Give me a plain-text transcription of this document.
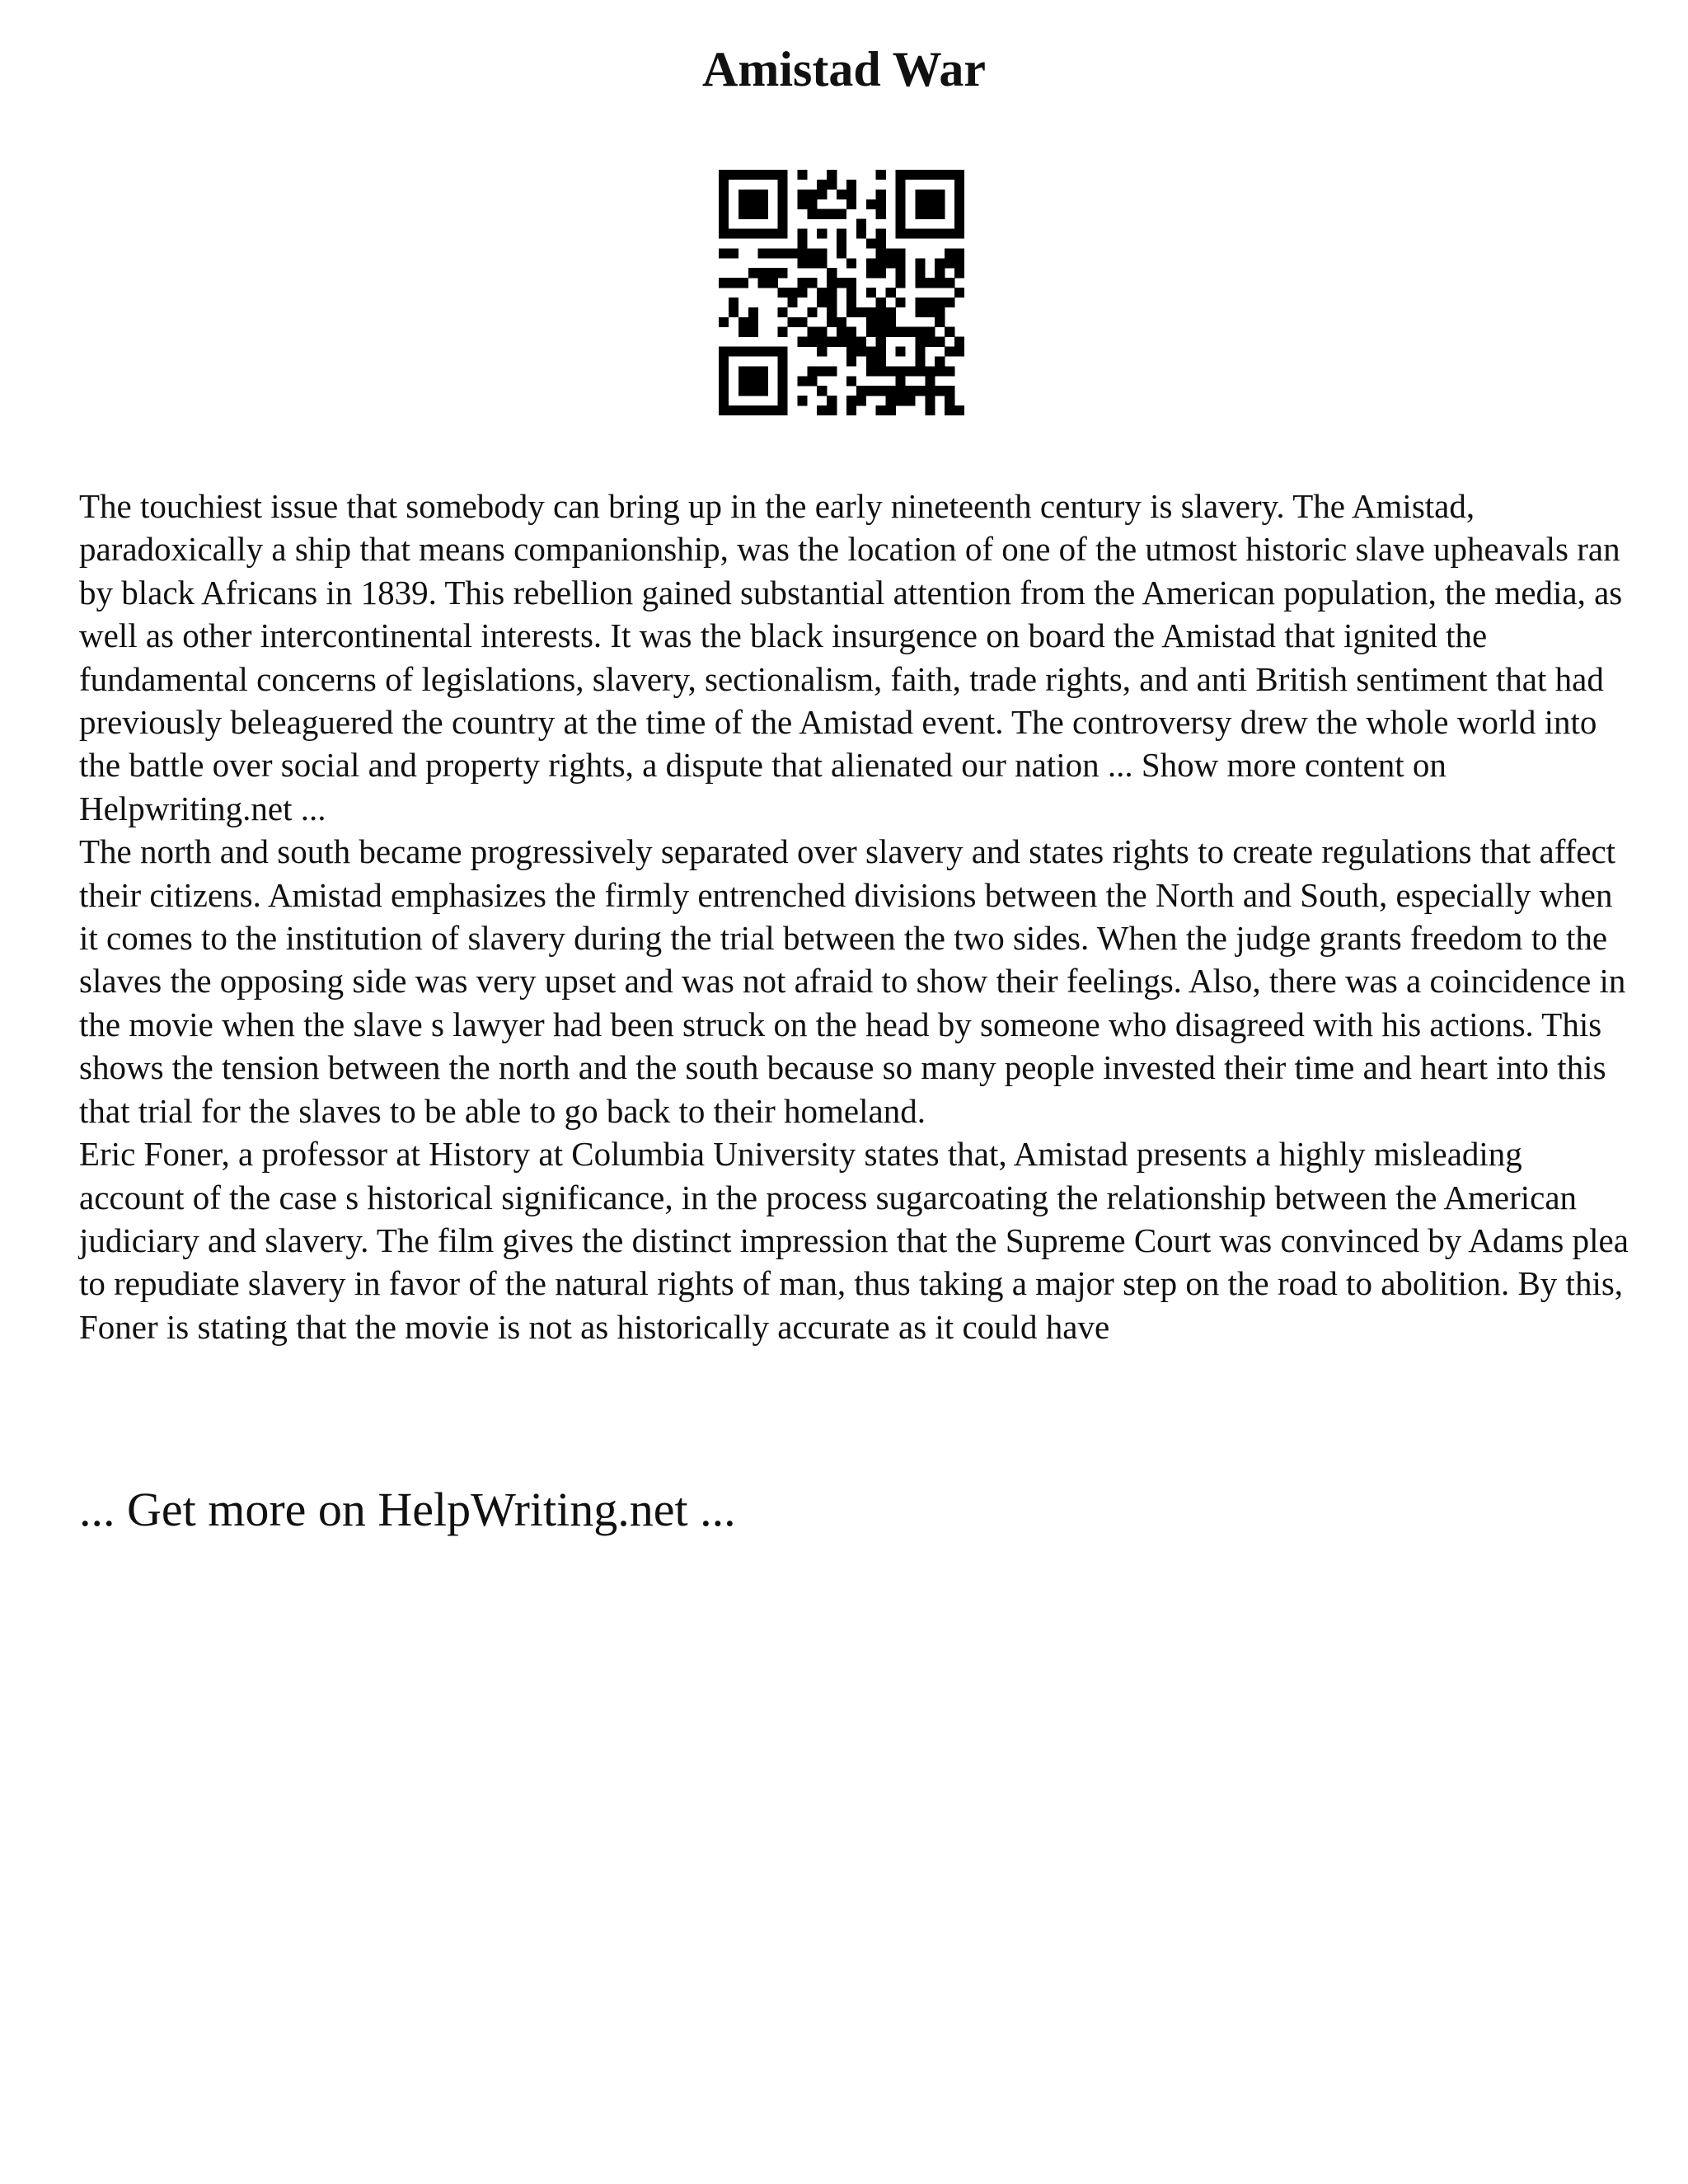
Amistad War

The touchiest issue that somebody can bring up in the early nineteenth century is slavery. The Amistad, paradoxically a ship that means companionship, was the location of one of the utmost historic slave upheavals ran by black Africans in 1839. This rebellion gained substantial attention from the American population, the media, as well as other intercontinental interests. It was the black insurgence on board the Amistad that ignited the fundamental concerns of legislations, slavery, sectionalism, faith, trade rights, and anti British sentiment that had previously beleaguered the country at the time of the Amistad event. The controversy drew the whole world into the battle over social and property rights, a dispute that alienated our nation ... Show more content on Helpwriting.net ...

The north and south became progressively separated over slavery and states rights to create regulations that affect their citizens. Amistad emphasizes the firmly entrenched divisions between the North and South, especially when it comes to the institution of slavery during the trial between the two sides. When the judge grants freedom to the slaves the opposing side was very upset and was not afraid to show their feelings. Also, there was a coincidence in the movie when the slave s lawyer had been struck on the head by someone who disagreed with his actions. This shows the tension between the north and the south because so many people invested their time and heart into this that trial for the slaves to be able to go back to their homeland.

Eric Foner, a professor at History at Columbia University states that, Amistad presents a highly misleading account of the case s historical significance, in the process sugarcoating the relationship between the American judiciary and slavery. The film gives the distinct impression that the Supreme Court was convinced by Adams plea to repudiate slavery in favor of the natural rights of man, thus taking a major step on the road to abolition. By this, Foner is stating that the movie is not as historically accurate as it could have

... Get more on HelpWriting.net ...
